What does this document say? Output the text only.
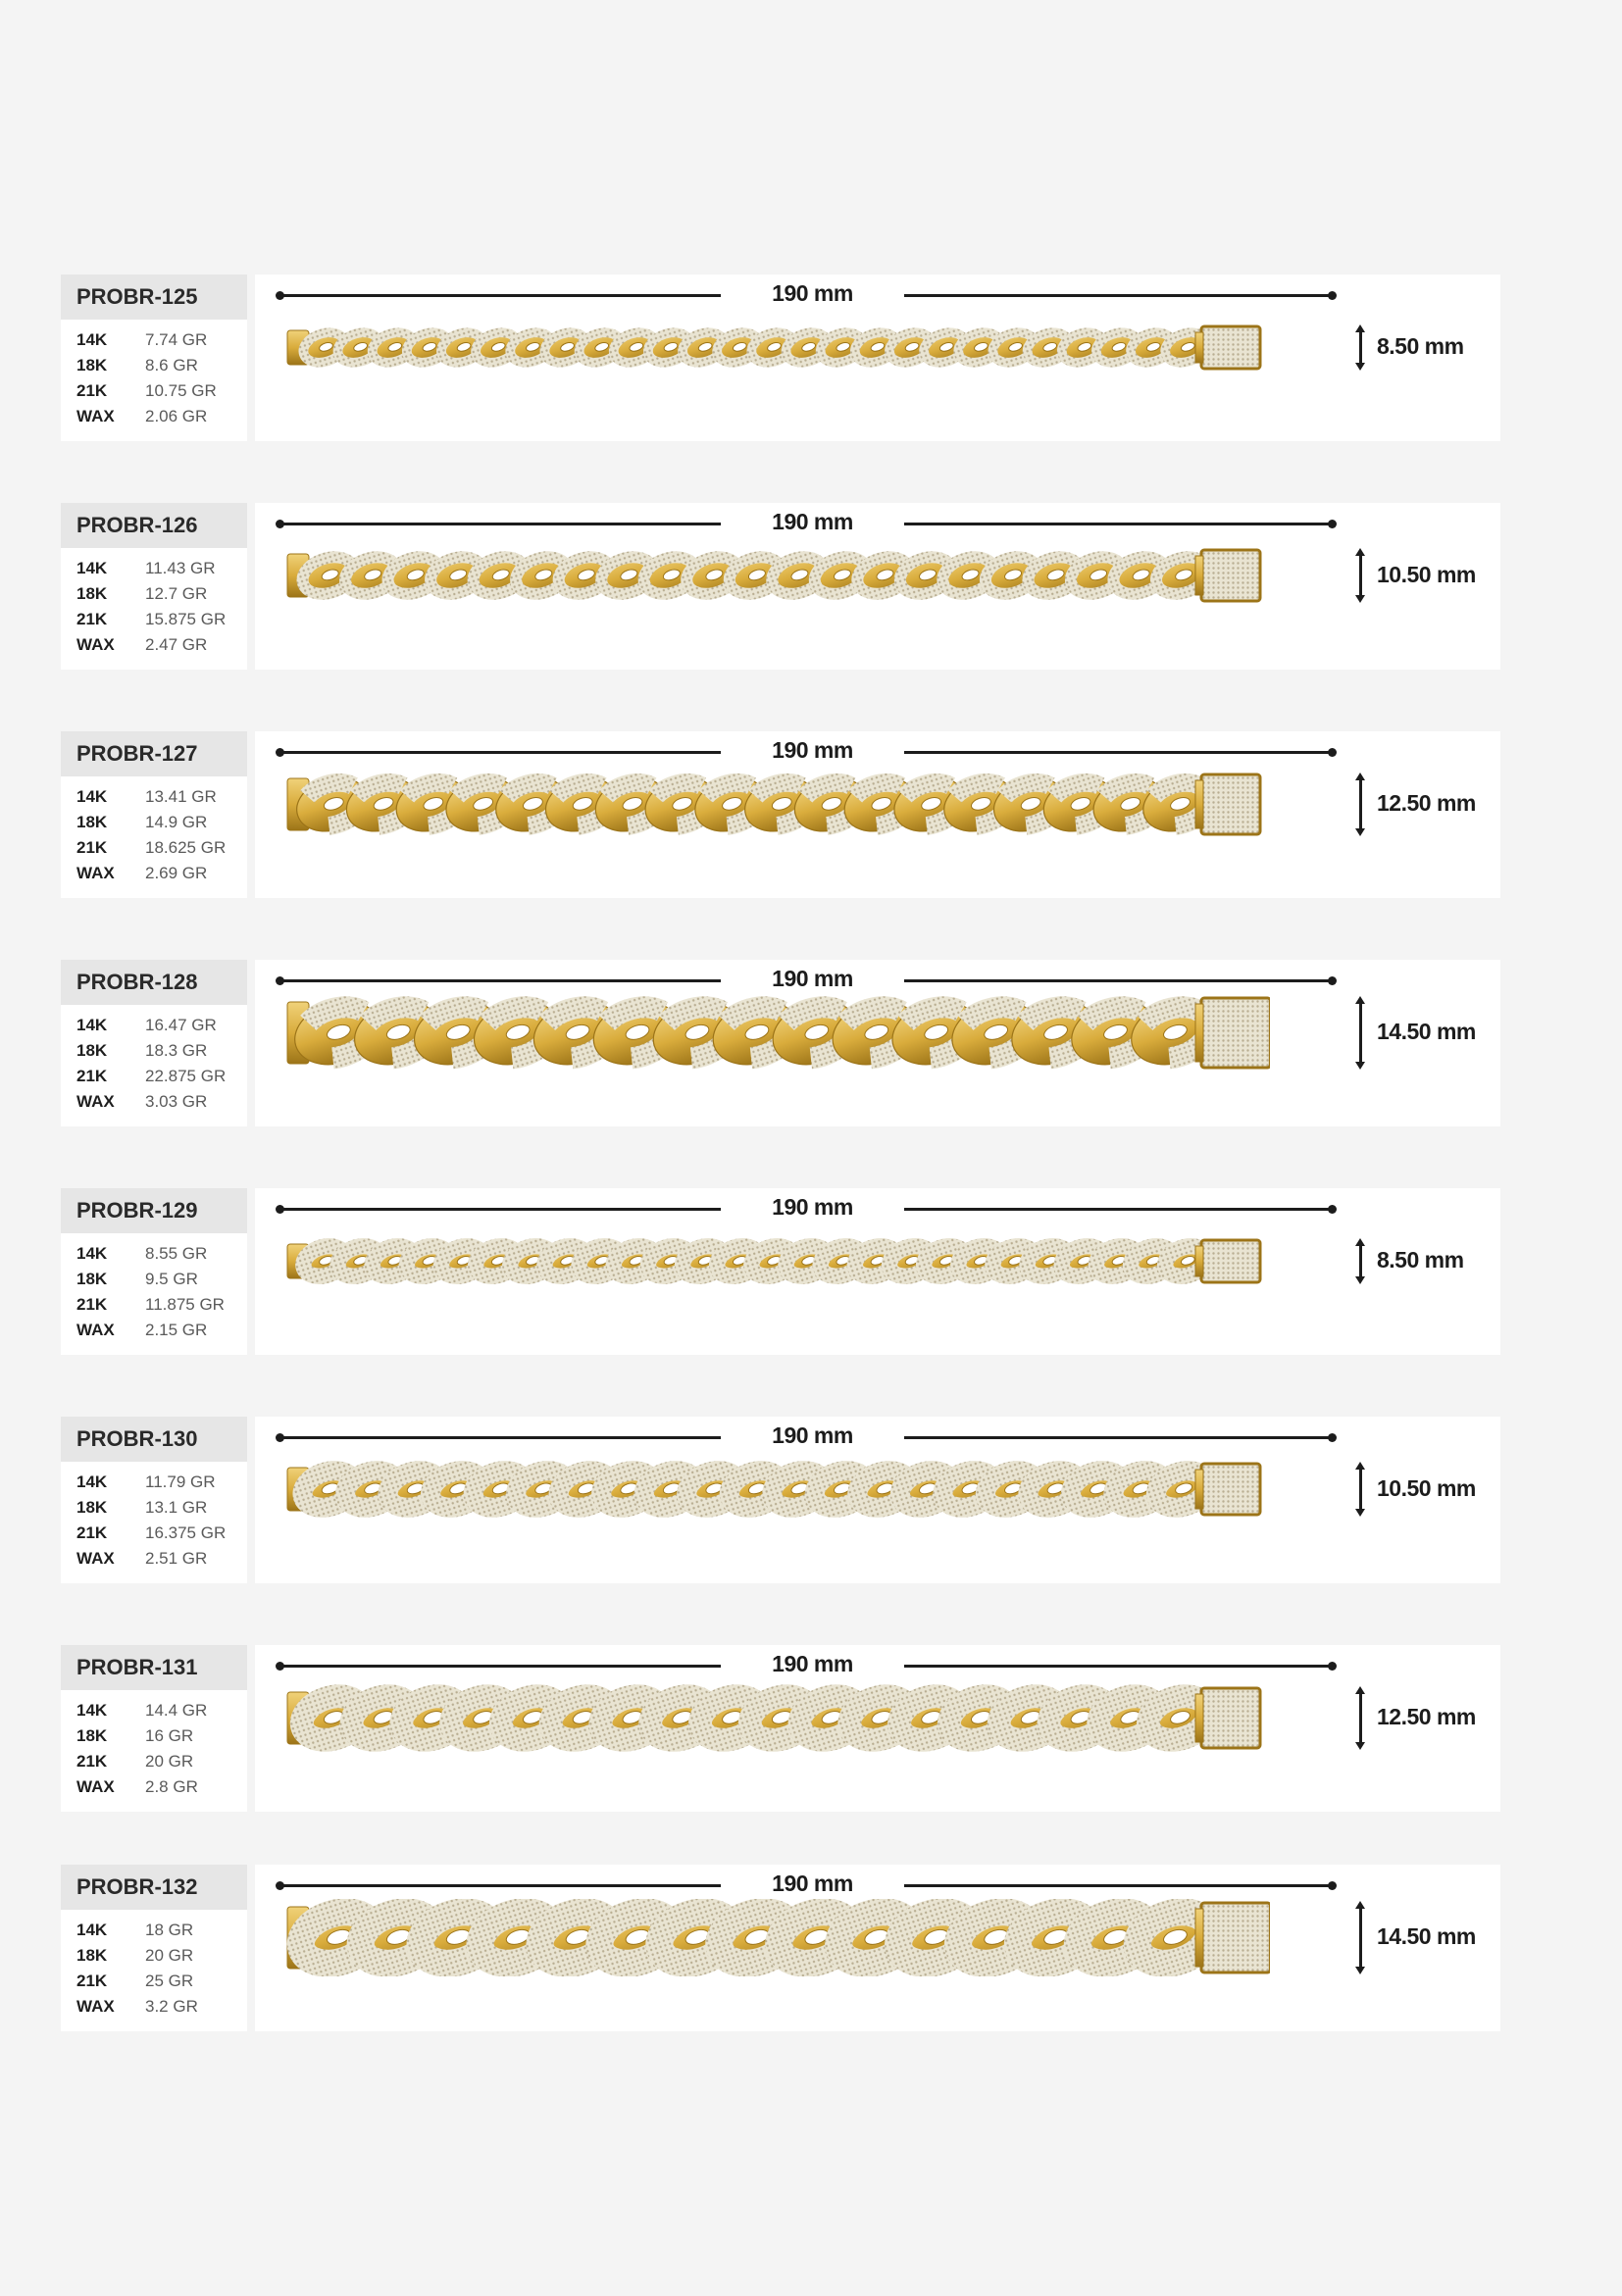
PROBR-125
14K 7.74 GR
18K 8.6 GR
21K 10.75 GR
WAX 2.06 GR
190 mm
8.50 mm
PROBR-126
14K 11.43 GR
18K 12.7 GR
21K 15.875 GR
WAX 2.47 GR
190 mm
10.50 mm
PROBR-127
14K 13.41 GR
18K 14.9 GR
21K 18.625 GR
WAX 2.69 GR
190 mm
12.50 mm
PROBR-128
14K 16.47 GR
18K 18.3 GR
21K 22.875 GR
WAX 3.03 GR
190 mm
14.50 mm
PROBR-129
14K 8.55 GR
18K 9.5 GR
21K 11.875 GR
WAX 2.15 GR
190 mm
8.50 mm
PROBR-130
14K 11.79 GR
18K 13.1 GR
21K 16.375 GR
WAX 2.51 GR
190 mm
10.50 mm
PROBR-131
14K 14.4 GR
18K 16 GR
21K 20 GR
WAX 2.8 GR
190 mm
12.50 mm
PROBR-132
14K 18 GR
18K 20 GR
21K 25 GR
WAX 3.2 GR
190 mm
14.50 mm
